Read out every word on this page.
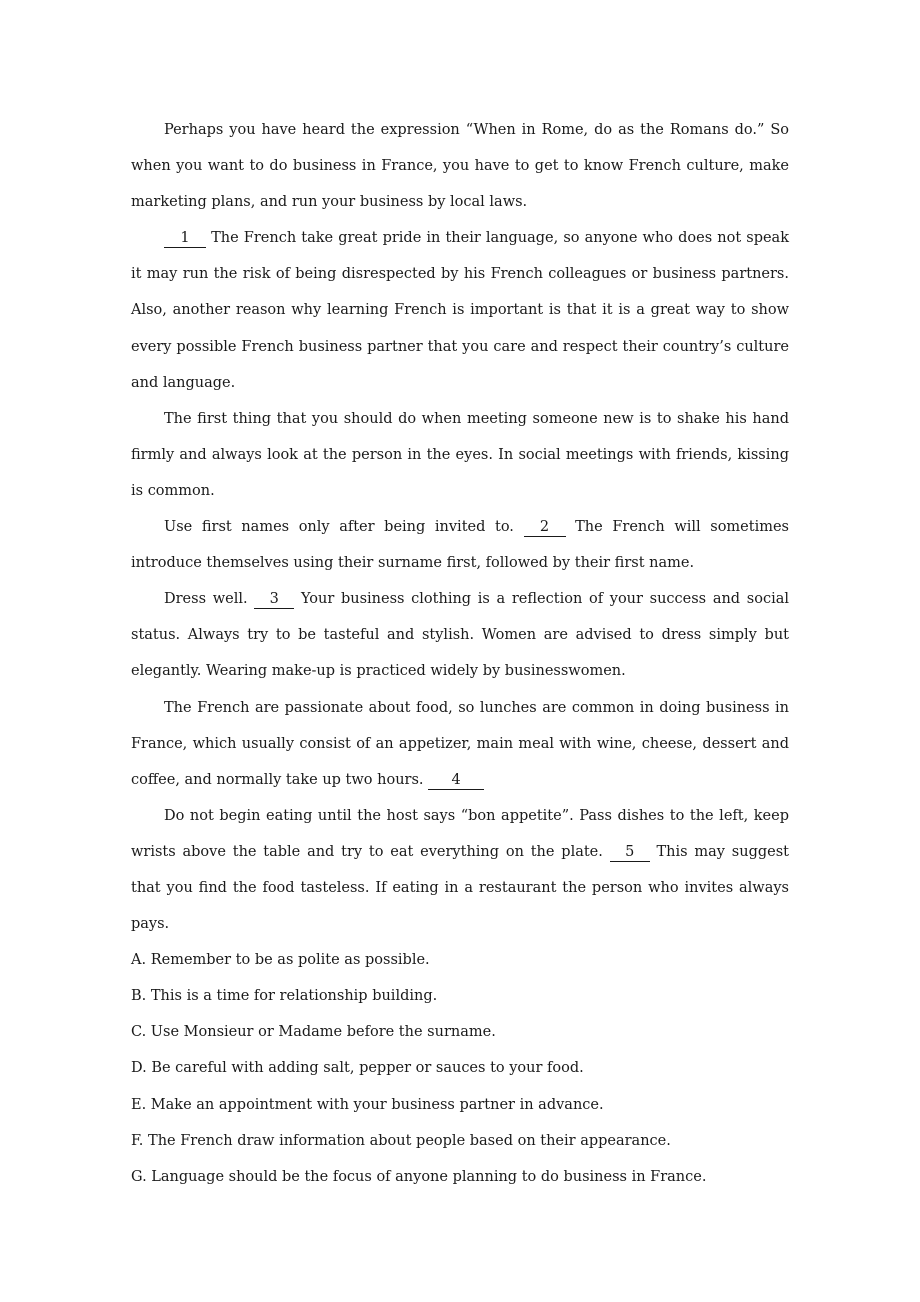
Perhaps you have heard the expression “When in Rome, do as the Romans do.” So when you want to do business in France, you have to get to know French culture, make marketing plans, and run your business by local laws.

1 The French take great pride in their language, so anyone who does not speak it may run the risk of being disrespected by his French colleagues or business partners. Also, another reason why learning French is important is that it is a great way to show every possible French business partner that you care and respect their country’s culture and language.

The first thing that you should do when meeting someone new is to shake his hand firmly and always look at the person in the eyes. In social meetings with friends, kissing is common.

Use first names only after being invited to. 2 The French will sometimes introduce themselves using their surname first, followed by their first name.

Dress well. 3 Your business clothing is a reflection of your success and social status. Always try to be tasteful and stylish. Women are advised to dress simply but elegantly. Wearing make-up is practiced widely by businesswomen.

The French are passionate about food, so lunches are common in doing business in France, which usually consist of an appetizer, main meal with wine, cheese, dessert and coffee, and normally take up two hours. 4

Do not begin eating until the host says “bon appetite”. Pass dishes to the left, keep wrists above the table and try to eat everything on the plate. 5 This may suggest that you find the food tasteless. If eating in a restaurant the person who invites always pays.

A. Remember to be as polite as possible.
B. This is a time for relationship building.
C. Use Monsieur or Madame before the surname.
D. Be careful with adding salt, pepper or sauces to your food.
E. Make an appointment with your business partner in advance.
F. The French draw information about people based on their appearance.
G. Language should be the focus of anyone planning to do business in France.
